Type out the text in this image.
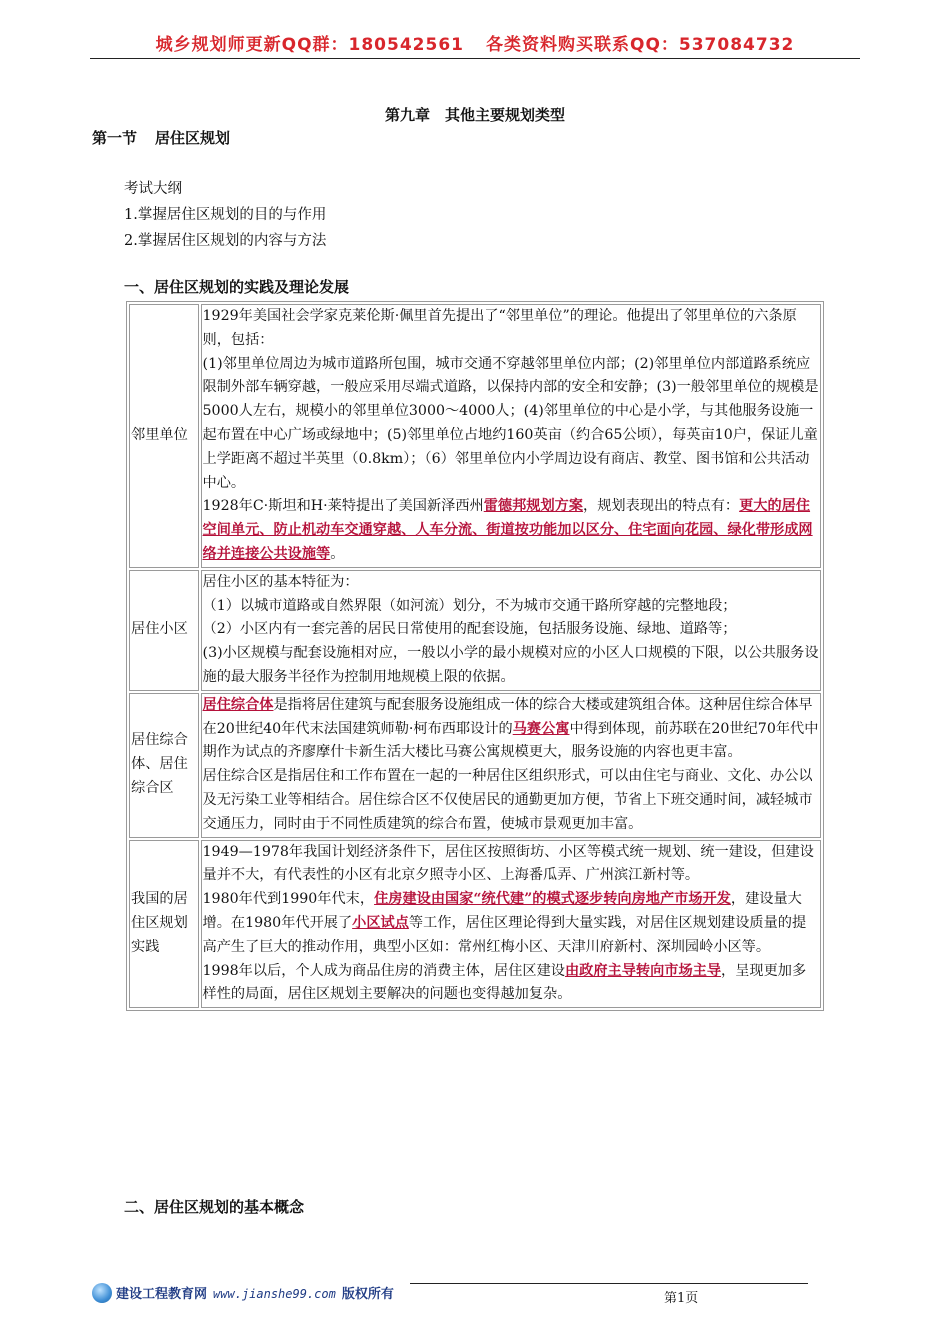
城乡规划师更新QQ群：180542561 各类资料购买联系QQ：537084732
第九章　其他主要规划类型
第一节 居住区规划
考试大纲
1.掌握居住区规划的目的与作用
2.掌握居住区规划的内容与方法
一、居住区规划的实践及理论发展
邻里单位	1929年美国社会学家克莱伦斯·佩里首先提出了“邻里单位”的理论。他提出了邻里单位的六条原则，包括：

(1)邻里单位周边为城市道路所包围，城市交通不穿越邻里单位内部；(2)邻里单位内部道路系统应限制外部车辆穿越，一般应采用尽端式道路，以保持内部的安全和安静；(3)一般邻里单位的规模是5000人左右，规模小的邻里单位3000～4000人；(4)邻里单位的中心是小学，与其他服务设施一起布置在中心广场或绿地中；(5)邻里单位占地约160英亩（约合65公顷），每英亩10户，保证儿童上学距离不超过半英里（0.8km）；（6）邻里单位内小学周边设有商店、教堂、图书馆和公共活动中心。

1928年C·斯坦和H·莱特提出了美国新泽西州雷德邦规划方案，规划表现出的特点有：更大的居住空间单元、防止机动车交通穿越、人车分流、街道按功能加以区分、住宅面向花园、绿化带形成网络并连接公共设施等。

居住小区	居住小区的基本特征为：

（1）以城市道路或自然界限（如河流）划分，不为城市交通干路所穿越的完整地段；

（2）小区内有一套完善的居民日常使用的配套设施，包括服务设施、绿地、道路等；

(3)小区规模与配套设施相对应，一般以小学的最小规模对应的小区人口规模的下限，以公共服务设施的最大服务半径作为控制用地规模上限的依据。

居住综合体、居住综合区	居住综合体是指将居住建筑与配套服务设施组成一体的综合大楼或建筑组合体。这种居住综合体早在20世纪40年代末法国建筑师勒·柯布西耶设计的马赛公寓中得到体现，前苏联在20世纪70年代中期作为试点的齐廖摩什卡新生活大楼比马赛公寓规模更大，服务设施的内容也更丰富。

居住综合区是指居住和工作布置在一起的一种居住区组织形式，可以由住宅与商业、文化、办公以及无污染工业等相结合。居住综合区不仅使居民的通勤更加方便，节省上下班交通时间，减轻城市交通压力，同时由于不同性质建筑的综合布置，使城市景观更加丰富。

我国的居住区规划实践	1949—1978年我国计划经济条件下，居住区按照街坊、小区等模式统一规划、统一建设，但建设量并不大，有代表性的小区有北京夕照寺小区、上海番瓜弄、广州滨江新村等。

1980年代到1990年代末，住房建设由国家“统代建”的模式逐步转向房地产市场开发，建设量大增。在1980年代开展了小区试点等工作，居住区理论得到大量实践，对居住区规划建设质量的提高产生了巨大的推动作用，典型小区如：常州红梅小区、天津川府新村、深圳园岭小区等。

1998年以后，个人成为商品住房的消费主体，居住区建设由政府主导转向市场主导，呈现更加多样性的局面，居住区规划主要解决的问题也变得越加复杂。

二、居住区规划的基本概念
建设工程教育网 www.jianshe99.com 版权所有	第1页
